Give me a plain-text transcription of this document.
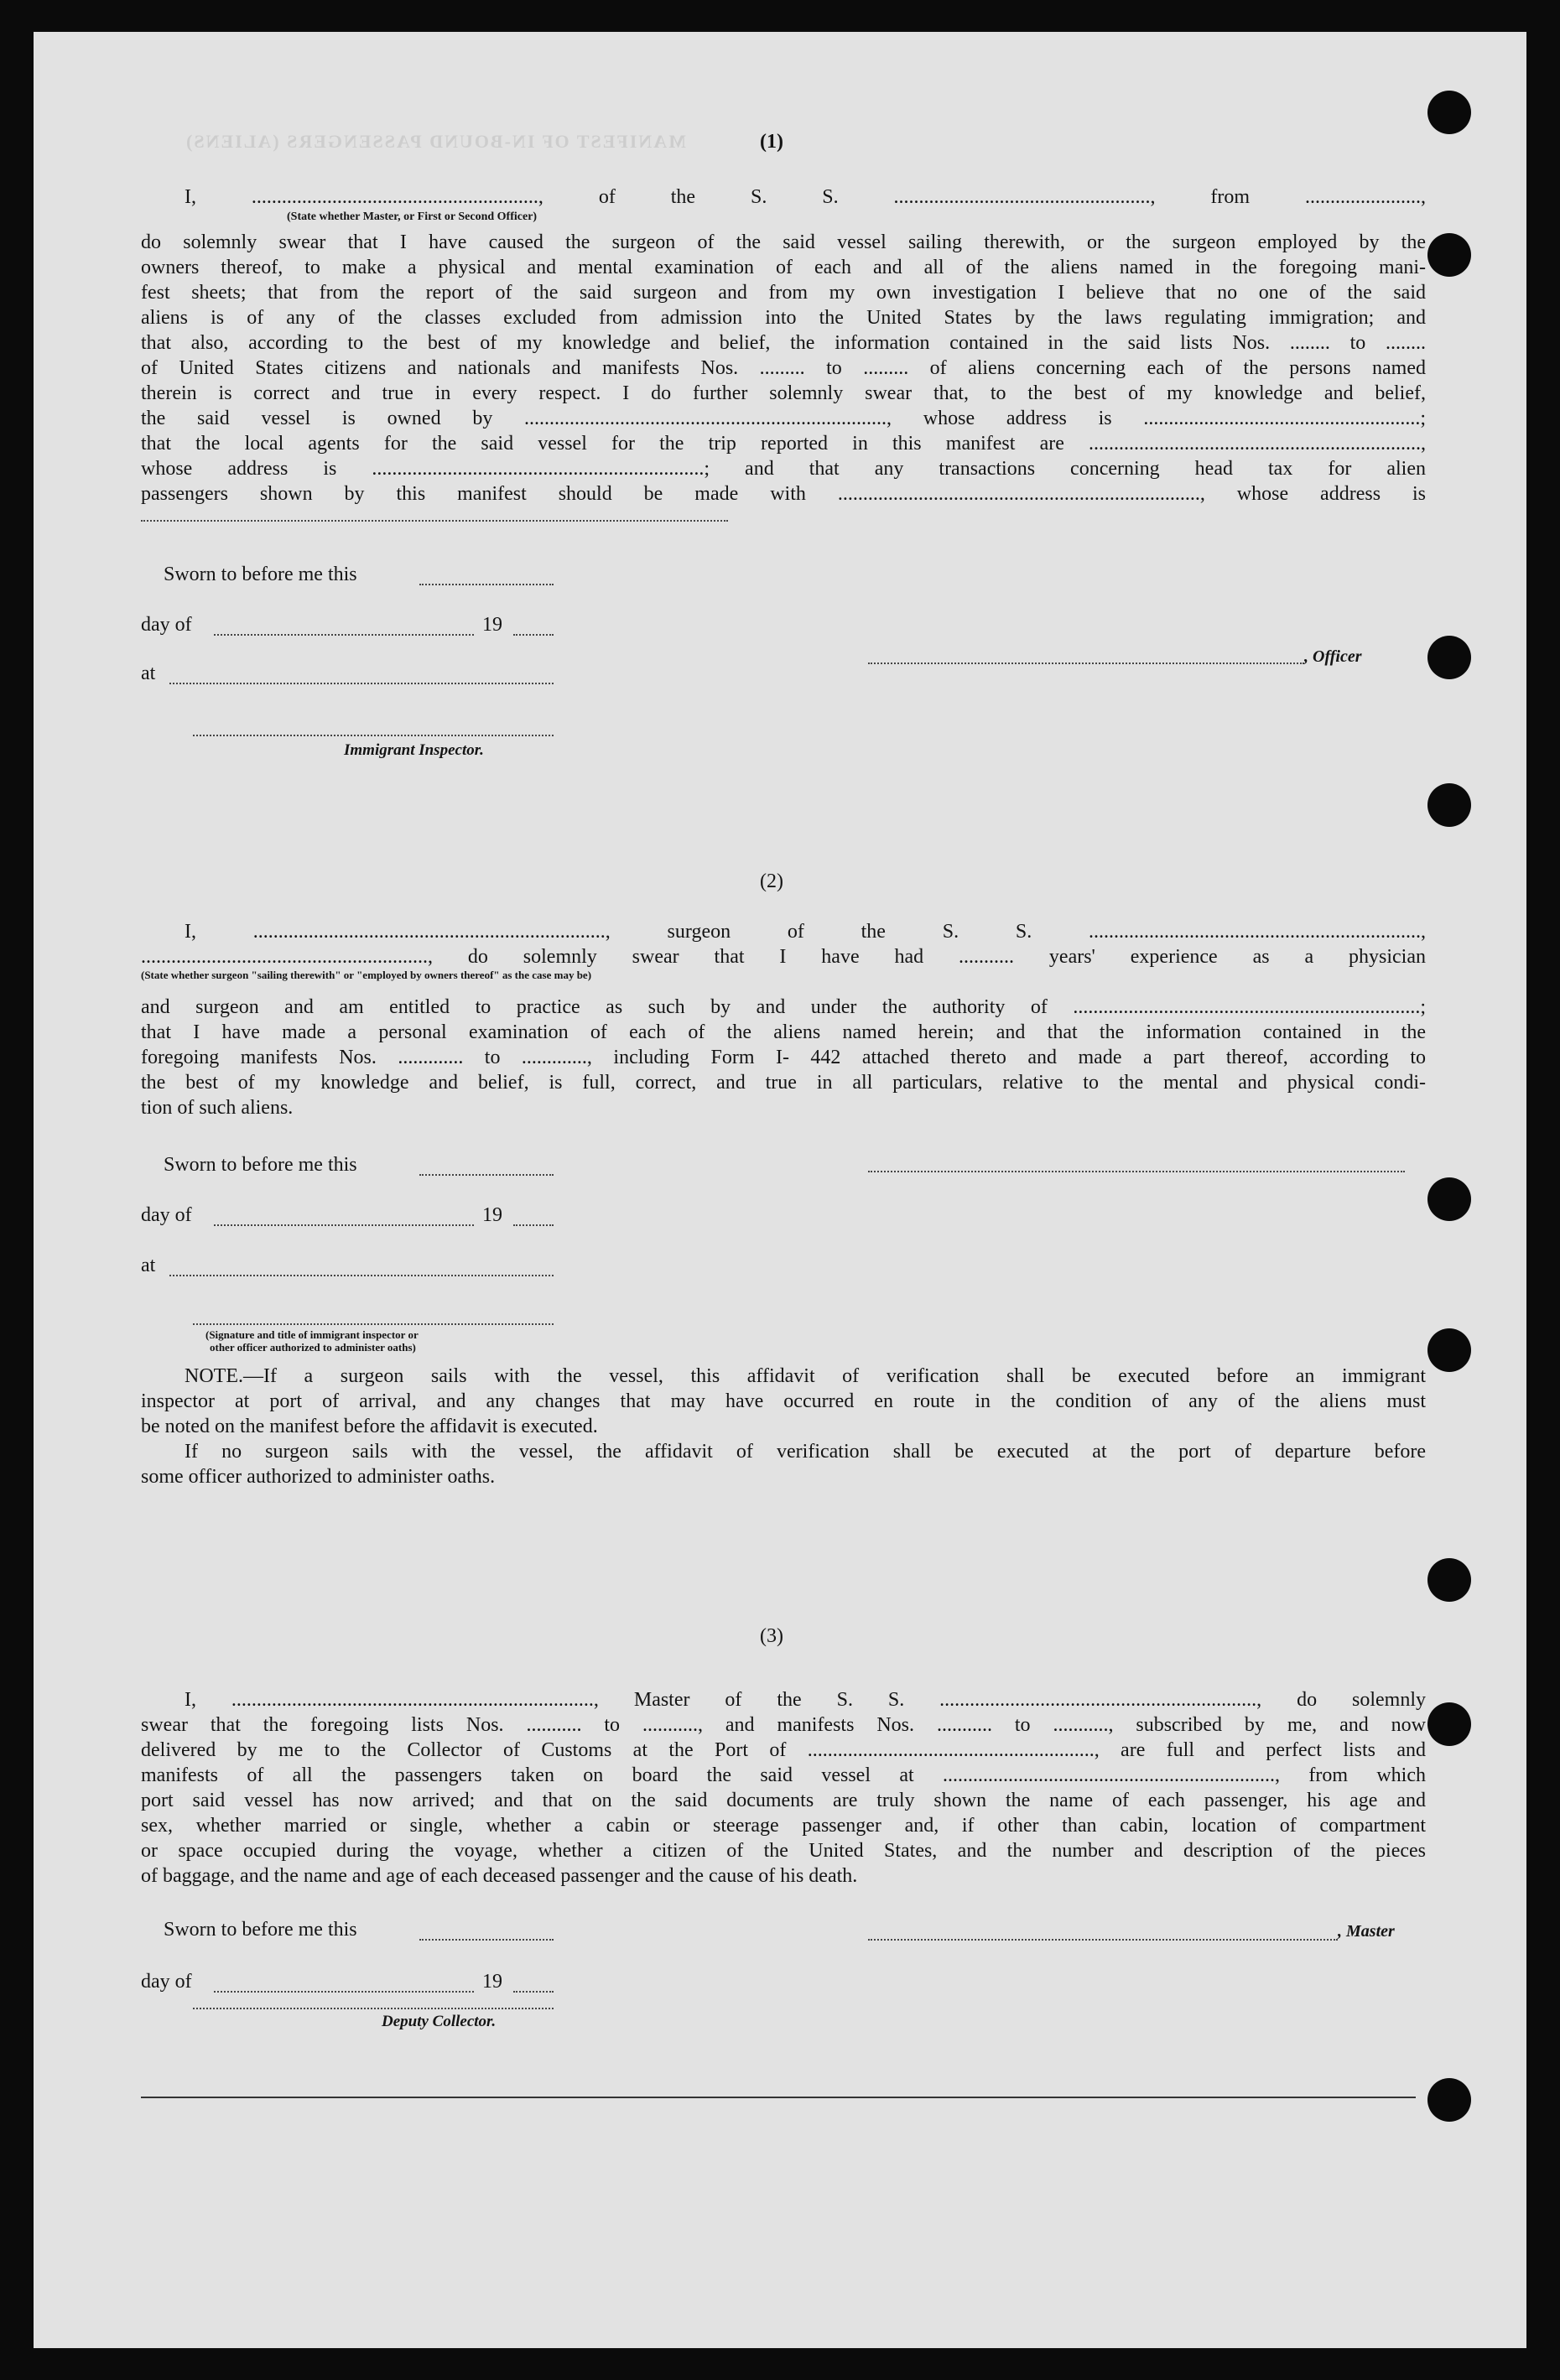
MANIFEST OF IN-BOUND PASSENGERS (ALIENS)	(1)
I, ........................................................., of the S. S. ..................................................., from .......................,
(State whether Master, or First or Second Officer)
do solemnly swear that I have caused the surgeon of the said vessel sailing therewith, or the surgeon employed by the
owners thereof, to make a physical and mental examination of each and all of the aliens named in the foregoing mani-
fest sheets; that from the report of the said surgeon and from my own investigation I believe that no one of the said
aliens is of any of the classes excluded from admission into the United States by the laws regulating immigration; and
that also, according to the best of my knowledge and belief, the information contained in the said lists Nos. ........ to ........
of United States citizens and nationals and manifests Nos. ......... to ......... of aliens concerning each of the persons named
therein is correct and true in every respect. I do further solemnly swear that, to the best of my knowledge and belief,
the said vessel is owned by ........................................................................, whose address is .......................................................;
that the local agents for the said vessel for the trip reported in this manifest are ..................................................................,
whose address is ..................................................................; and that any transactions concerning head tax for alien
passengers shown by this manifest should be made with ........................................................................, whose address is
Sworn to before me this
day of	19
at
, Officer
Immigrant Inspector.
(2)
I, ......................................................................, surgeon of the S. S. ..................................................................,
........................................................., do solemnly swear that I have had ........... years' experience as a physician
(State whether surgeon "sailing therewith" or "employed by owners thereof" as the case may be)
and surgeon and am entitled to practice as such by and under the authority of .....................................................................;
that I have made a personal examination of each of the aliens named herein; and that the information contained in the
foregoing manifests Nos. ............. to ............., including Form I- 442 attached thereto and made a part thereof, according to
the best of my knowledge and belief, is full, correct, and true in all particulars, relative to the mental and physical condi-
tion of such aliens.
Sworn to before me this
day of	19
at
(Signature and title of immigrant inspector or
other officer authorized to administer oaths)
NOTE.—If a surgeon sails with the vessel, this affidavit of verification shall be executed before an immigrant
inspector at port of arrival, and any changes that may have occurred en route in the condition of any of the aliens must
be noted on the manifest before the affidavit is executed.
If no surgeon sails with the vessel, the affidavit of verification shall be executed at the port of departure before
some officer authorized to administer oaths.
(3)
I, ........................................................................, Master of the S. S. ..............................................................., do solemnly
swear that the foregoing lists Nos. ........... to ..........., and manifests Nos. ........... to ..........., subscribed by me, and now
delivered by me to the Collector of Customs at the Port of ........................................................., are full and perfect lists and
manifests of all the passengers taken on board the said vessel at .................................................................., from which
port said vessel has now arrived; and that on the said documents are truly shown the name of each passenger, his age and
sex, whether married or single, whether a cabin or steerage passenger and, if other than cabin, location of compartment
or space occupied during the voyage, whether a citizen of the United States, and the number and description of the pieces
of baggage, and the name and age of each deceased passenger and the cause of his death.
Sworn to before me this	, Master
day of	19
Deputy Collector.
